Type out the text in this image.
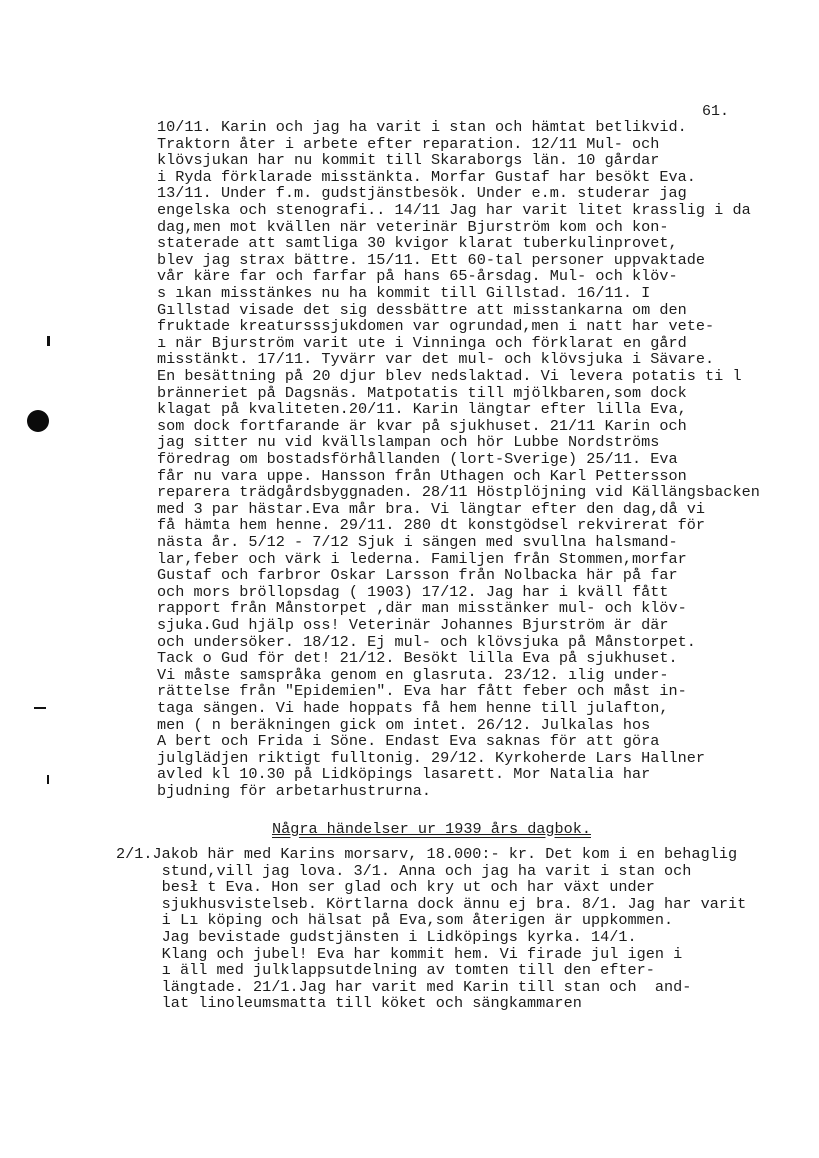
61.
10/11. Karin och jag ha varit i stan och hämtat betlikvid.
Traktorn åter i arbete efter reparation. 12/11 Mul- och
klövsjukan har nu kommit till Skaraborgs län. 10 gårdar
i Ryda förklarade misstänkta. Morfar Gustaf har besökt Eva.
13/11. Under f.m. gudstjänstbesök. Under e.m. studerar jag
engelska och stenografi.. 14/11 Jag har varit litet krasslig i da
dag,men mot kvällen när veterinär Bjurström kom och kon-
staterade att samtliga 30 kvigor klarat tuberkulinprovet,
blev jag strax bättre. 15/11. Ett 60-tal personer uppvaktade
vår käre far och farfar på hans 65-årsdag. Mul- och klöv-
s ıkan misstänkes nu ha kommit till Gillstad. 16/11. I
Gıllstad visade det sig dessbättre att misstankarna om den
fruktade kreatursssjukdomen var ogrundad,men i natt har vete-
ı när Bjurström varit ute i Vinninga och förklarat en gård
misstänkt. 17/11. Tyvärr var det mul- och klövsjuka i Sävare.
En besättning på 20 djur blev nedslaktad. Vi levera potatis ti l
bränneriet på Dagsnäs. Matpotatis till mjölkbaren,som dock
klagat på kvaliteten.20/11. Karin längtar efter lilla Eva,
som dock fortfarande är kvar på sjukhuset. 21/11 Karin och
jag sitter nu vid kvällslampan och hör Lubbe Nordströms
föredrag om bostadsförhållanden (lort-Sverige) 25/11. Eva
får nu vara uppe. Hansson från Uthagen och Karl Pettersson
reparera trädgårdsbyggnaden. 28/11 Höstplöjning vid Källängsbacken
med 3 par hästar.Eva mår bra. Vi längtar efter den dag,då vi
få hämta hem henne. 29/11. 280 dt konstgödsel rekvirerat för
nästa år. 5/12 - 7/12 Sjuk i sängen med svullna halsmand-
lar,feber och värk i lederna. Familjen från Stommen,morfar
Gustaf och farbror Oskar Larsson från Nolbacka här på far
och mors bröllopsdag ( 1903) 17/12. Jag har i kväll fått
rapport från Månstorpet ,där man misstänker mul- och klöv-
sjuka.Gud hjälp oss! Veterinär Johannes Bjurström är där
och undersöker. 18/12. Ej mul- och klövsjuka på Månstorpet.
Tack o Gud för det! 21/12. Besökt lilla Eva på sjukhuset.
Vi måste samspråka genom en glasruta. 23/12. ılig under-
rättelse från "Epidemien". Eva har fått feber och måst in-
taga sängen. Vi hade hoppats få hem henne till julafton,
men ( n beräkningen gick om intet. 26/12. Julkalas hos
A bert och Frida i Söne. Endast Eva saknas för att göra
julglädjen riktigt fulltonig. 29/12. Kyrkoherde Lars Hallner
avled kl 10.30 på Lidköpings lasarett. Mor Natalia har
bjudning för arbetarhustrurna.
Några händelser ur 1939 års dagbok.
2/1.Jakob här med Karins morsarv, 18.000:- kr. Det kom i en behaglig
stund,vill jag lova. 3/1. Anna och jag ha varit i stan och
besł t Eva. Hon ser glad och kry ut och har växt under
sjukhusvistelseb. Körtlarna dock ännu ej bra. 8/1. Jag har varit
i Lı köping och hälsat på Eva,som återigen är uppkommen.
Jag bevistade gudstjänsten i Lidköpings kyrka. 14/1.
Klang och jubel! Eva har kommit hem. Vi firade jul igen i
ı äll med julklappsutdelning av tomten till den efter-
längtade. 21/1.Jag har varit med Karin till stan och  and-
lat linoleumsmatta till köket och sängkammaren
